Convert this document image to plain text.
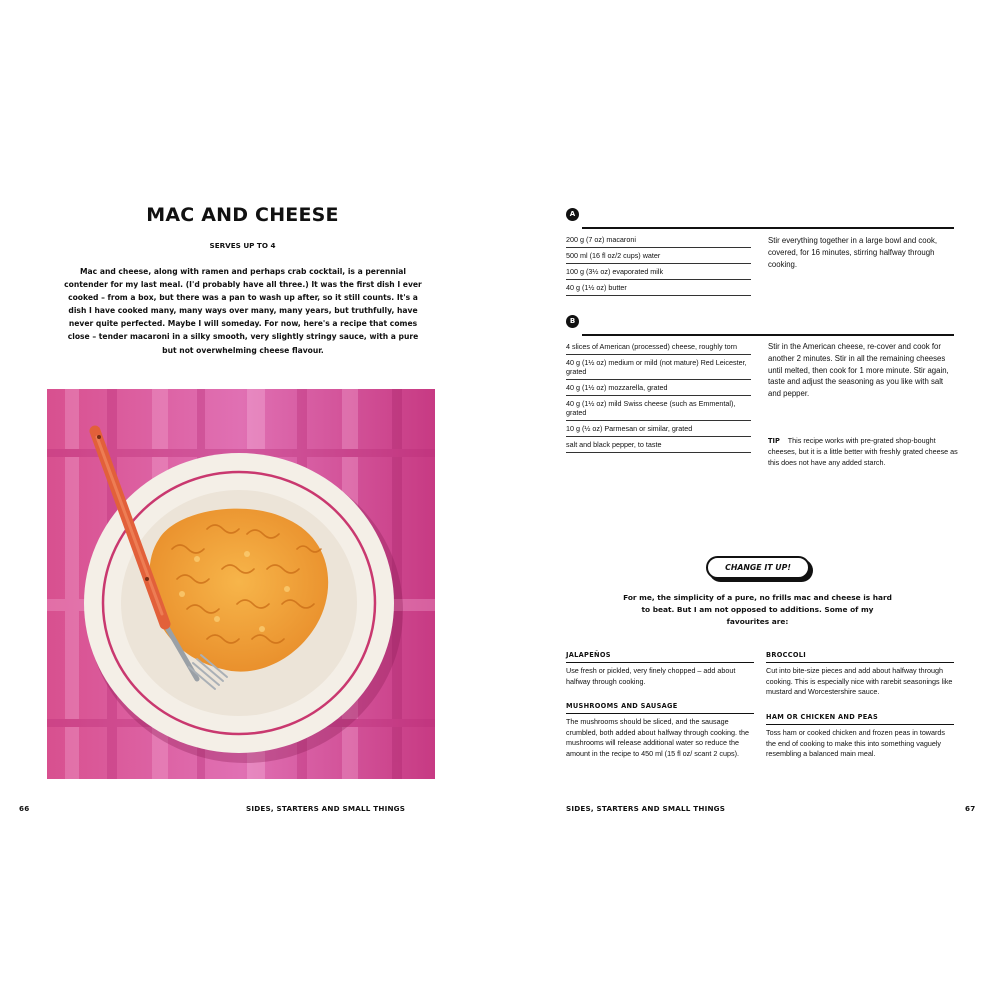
MAC AND CHEESE
SERVES UP TO 4

Mac and cheese, along with ramen and perhaps crab cocktail, is a perennial contender for my last meal. (I'd probably have all three.) It was the first dish I ever cooked – from a box, but there was a pan to wash up after, so it still counts. It's a dish I have cooked many, many ways over many, many years, but truthfully, have never quite perfected. Maybe I will someday. For now, here's a recipe that comes close – tender macaroni in a silky smooth, very slightly stringy sauce, with a pure but not overwhelming cheese flavour.

66	SIDES, STARTERS AND SMALL THINGS
A
200 g (7 oz) macaroni
500 ml (16 fl oz/2 cups) water
100 g (3½ oz) evaporated milk
40 g (1½ oz) butter
Stir everything together in a large bowl and cook, covered, for 16 minutes, stirring halfway through cooking.
B
4 slices of American (processed) cheese, roughly torn
40 g (1½ oz) medium or mild (not mature) Red Leicester, grated
40 g (1½ oz) mozzarella, grated
40 g (1½ oz) mild Swiss cheese (such as Emmental), grated
10 g (½ oz) Parmesan or similar, grated
salt and black pepper, to taste
Stir in the American cheese, re-cover and cook for another 2 minutes. Stir in all the remaining cheeses until melted, then cook for 1 more minute. Stir again, taste and adjust the seasoning as you like with salt and pepper.
TIP This recipe works with pre-grated shop-bought cheeses, but it is a little better with freshly grated cheese as this does not have any added starch.
CHANGE IT UP!

For me, the simplicity of a pure, no frills mac and cheese is hard to beat. But I am not opposed to additions. Some of my favourites are:

JALAPEÑOS
Use fresh or pickled, very finely chopped – add about halfway through cooking.
MUSHROOMS AND SAUSAGE
The mushrooms should be sliced, and the sausage crumbled, both added about halfway through cooking. the mushrooms will release additional water so reduce the amount in the recipe to 450 ml (15 fl oz/ scant 2 cups).
BROCCOLI
Cut into bite-size pieces and add about halfway through cooking. This is especially nice with rarebit seasonings like mustard and Worcestershire sauce.
HAM OR CHICKEN AND PEAS
Toss ham or cooked chicken and frozen peas in towards the end of cooking to make this into something vaguely resembling a balanced main meal.
SIDES, STARTERS AND SMALL THINGS	67
